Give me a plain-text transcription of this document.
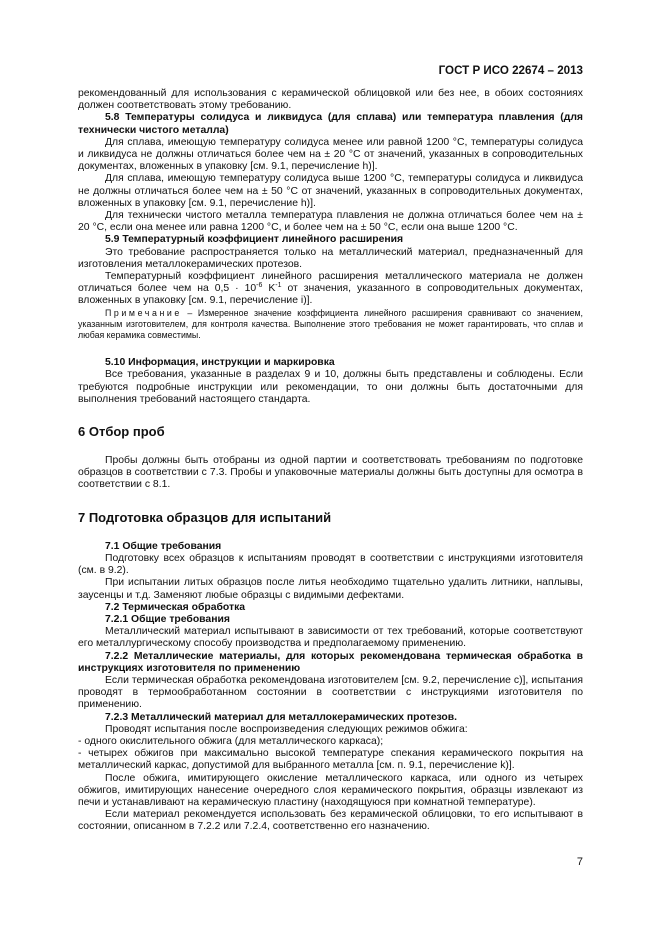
ГОСТ Р ИСО 22674 – 2013

рекомендованный для использования с керамической облицовкой или без нее, в обоих состояниях должен соответствовать этому требованию.

5.8 Температуры солидуса и ликвидуса (для сплава) или температура плавления (для технически чистого металла)

Для сплава, имеющую температуру солидуса менее или равной 1200 °C, температуры солидуса и ликвидуса не должны отличаться более чем на ± 20 °C от значений, указанных в сопроводительных документах, вложенных в упаковку [см. 9.1, перечисление h)].

Для сплава, имеющую температуру солидуса выше 1200 °C, температуры солидуса и ликвидуса не должны отличаться более чем на ± 50 °C от значений, указанных в сопроводительных документах, вложенных в упаковку [см. 9.1, перечисление h)].

Для технически чистого металла температура плавления не должна отличаться более чем на ± 20 °C, если она менее или равна 1200 °C, и более чем на ± 50 °C, если она выше 1200 °C.

5.9 Температурный коэффициент линейного расширения

Это требование распространяется только на металлический материал, предназначенный для изготовления металлокерамических протезов.

Температурный коэффициент линейного расширения металлического материала не должен отличаться более чем на $0,5 \cdot 10^{-6}$ $K^{-1}$ от значения, указанного в сопроводительных документах, вложенных в упаковку [см. 9.1, перечисление i)].

Примечание – Измеренное значение коэффициента линейного расширения сравнивают со значением, указанным изготовителем, для контроля качества. Выполнение этого требования не может гарантировать, что сплав и любая керамика совместимы.

5.10 Информация, инструкции и маркировка

Все требования, указанные в разделах 9 и 10, должны быть представлены и соблюдены. Если требуются подробные инструкции или рекомендации, то они должны быть достаточными для выполнения требований настоящего стандарта.

6 Отбор проб

Пробы должны быть отобраны из одной партии и соответствовать требованиям по подготовке образцов в соответствии с 7.3. Пробы и упаковочные материалы должны быть доступны для осмотра в соответствии с 8.1.

7 Подготовка образцов для испытаний

7.1 Общие требования

Подготовку всех образцов к испытаниям проводят в соответствии с инструкциями изготовителя (см. в 9.2).

При испытании литых образцов после литья необходимо тщательно удалить литники, наплывы, заусенцы и т.д. Заменяют любые образцы с видимыми дефектами.

7.2 Термическая обработка

7.2.1 Общие требования

Металлический материал испытывают в зависимости от тех требований, которые соответствуют его металлургическому способу производства и предполагаемому применению.

7.2.2 Металлические материалы, для которых рекомендована термическая обработка в инструкциях изготовителя по применению

Если термическая обработка рекомендована изготовителем [см. 9.2, перечисление c)], испытания проводят в термообработанном состоянии в соответствии с инструкциями изготовителя по применению.

7.2.3 Металлический материал для металлокерамических протезов.

Проводят испытания после воспроизведения следующих режимов обжига:

- одного окислительного обжига (для металлического каркаса);

- четырех обжигов при максимально высокой температуре спекания керамического покрытия на металлический каркас, допустимой для выбранного металла [см. п. 9.1, перечисление k)].

После обжига, имитирующего окисление металлического каркаса, или одного из четырех обжигов, имитирующих нанесение очередного слоя керамического покрытия, образцы извлекают из печи и устанавливают на керамическую пластину (находящуюся при комнатной температуре).

Если материал рекомендуется использовать без керамической облицовки, то его испытывают в состоянии, описанном в 7.2.2 или 7.2.4, соответственно его назначению.

7
